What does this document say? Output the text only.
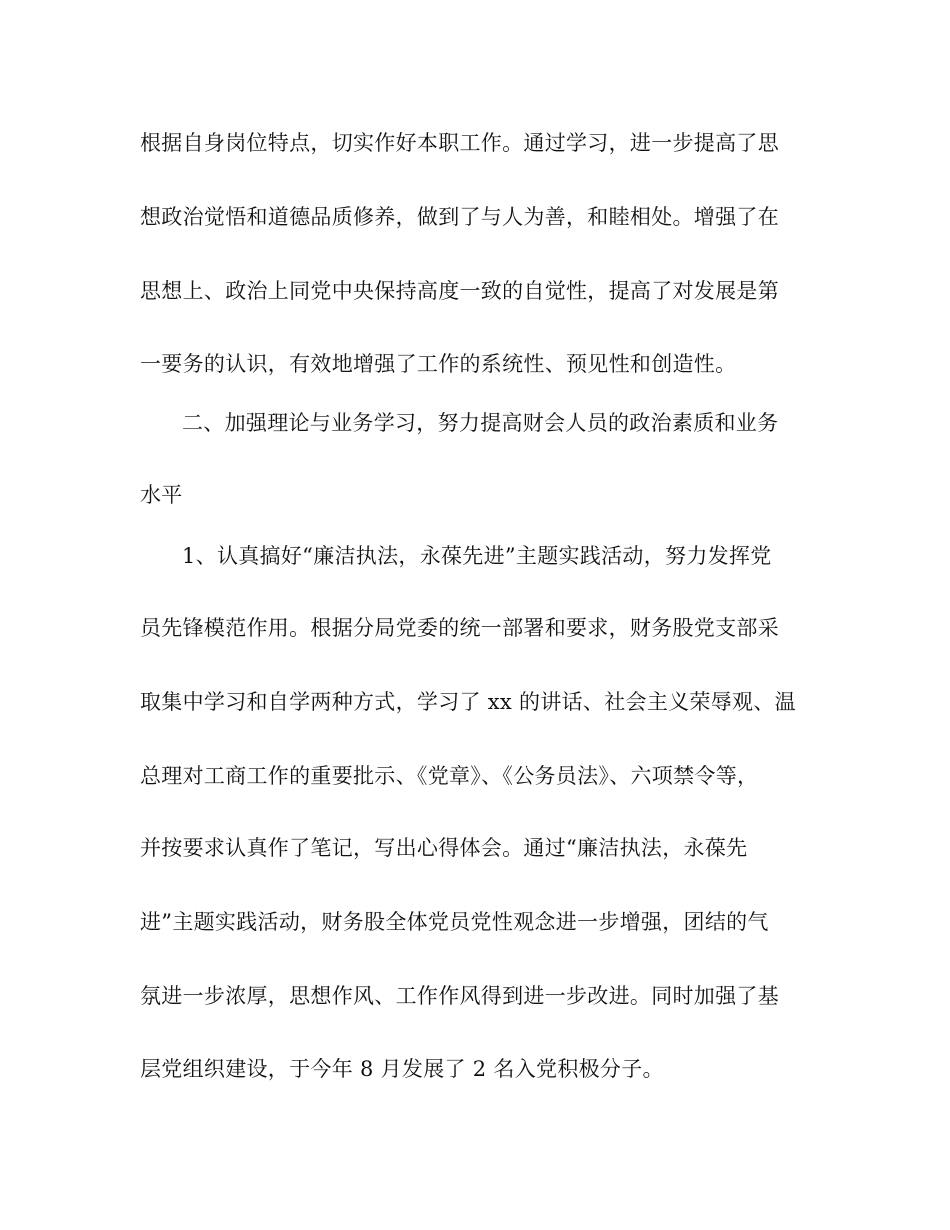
根据自身岗位特点，切实作好本职工作。通过学习，进一步提高了思
想政治觉悟和道德品质修养，做到了与人为善，和睦相处。增强了在
思想上、政治上同党中央保持高度一致的自觉性，提高了对发展是第
一要务的认识，有效地增强了工作的系统性、预见性和创造性。
二、加强理论与业务学习，努力提高财会人员的政治素质和业务
水平
1、认真搞好“廉洁执法，永葆先进”主题实践活动，努力发挥党
员先锋模范作用。根据分局党委的统一部署和要求，财务股党支部采
取集中学习和自学两种方式，学习了 xx 的讲话、社会主义荣辱观、温
总理对工商工作的重要批示、《党章》、《公务员法》、六项禁令等，
并按要求认真作了笔记，写出心得体会。通过“廉洁执法，永葆先
进”主题实践活动，财务股全体党员党性观念进一步增强，团结的气
氛进一步浓厚，思想作风、工作作风得到进一步改进。同时加强了基
层党组织建设，于今年 8 月发展了 2 名入党积极分子。
